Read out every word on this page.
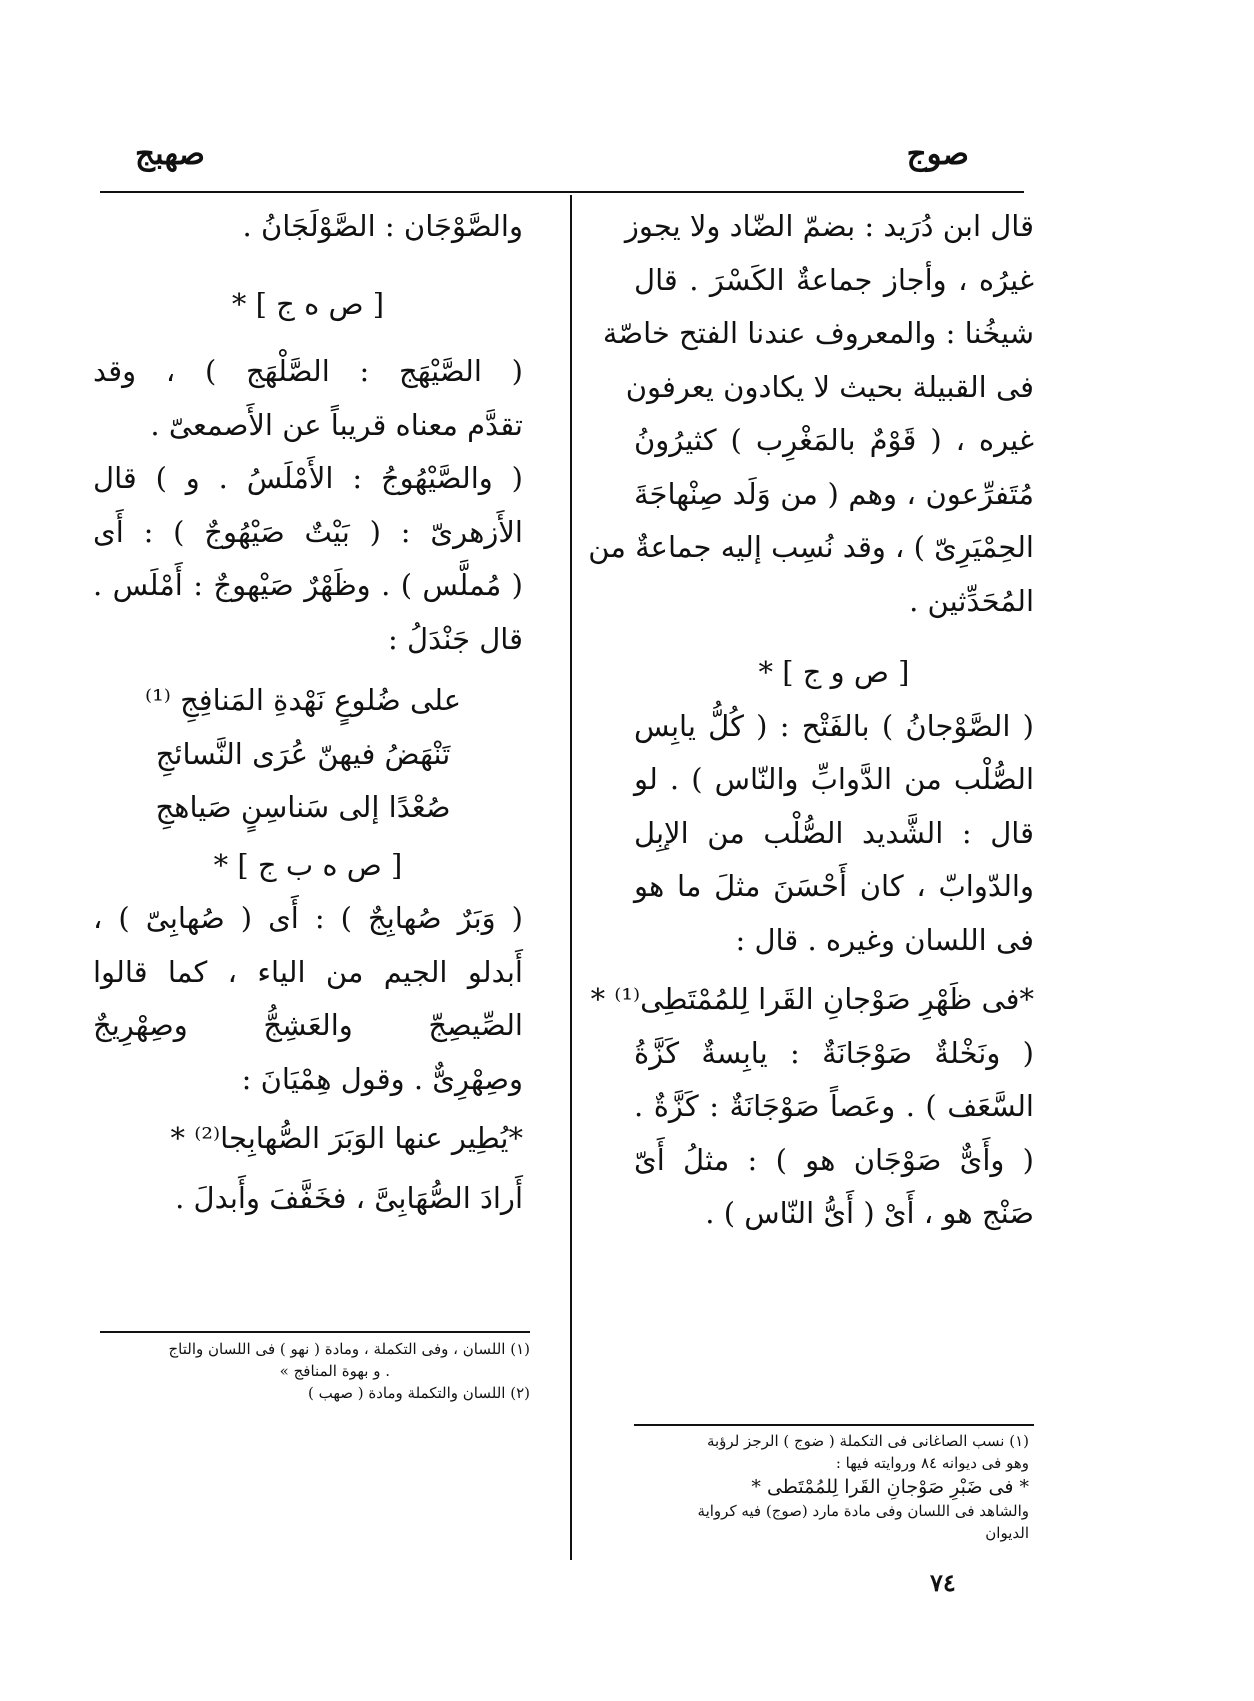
صوج
صهبج
قال ابن دُرَيد : بضمّ الضّاد ولا يجوز
غيرُه ، وأجاز جماعةٌ الكَسْرَ . قال
شيخُنا : والمعروف عندنا الفتح خاصّة
فى القبيلة بحيث لا يكادون يعرفون
غيره ، ( قَوْمٌ بالمَغْرِب ) كثيرُونُ
مُتَفرِّعون ، وهم ( من وَلَد صِنْهاجَةَ
الحِمْيَرِىّ ) ، وقد نُسِب إليه جماعةٌ من
المُحَدِّثين .
[ ص و ج ] *
( الصَّوْجانُ ) بالفَتْح : ( كُلُّ يابِس
الصُّلْب من الدَّوابِّ والنّاس ) . لو
قال : الشَّديد الصُّلْب من الإبِل
والدّوابّ ، كان أَحْسَنَ مثلَ ما هو
فى اللسان وغيره . قال :
*فى ظَهْرِ صَوْجانِ القَرا لِلمُمْتَطِى⁽¹⁾ *
( ونَخْلةٌ صَوْجَانَةٌ : يابِسةٌ كَزَّةُ
السَّعَف ) . وعَصاً صَوْجَانَةٌ : كَزَّةٌ .
( وأَىٌّ صَوْجَان هو ) : مثلُ أَىّ
صَنْج هو ، أَىْ ( أَىُّ النّاس ) .
(١) نسب الصاغانى فى التكملة ( ضوج ) الرجز لرؤبة
وهو فى ديوانه ٨٤ وروايته فيها :
* فى ضَبْرِ صَوْجانِ القَرا لِلمُمْتَطى *
والشاهد فى اللسان وفى مادة مارد (صوج) فيه كرواية
الديوان
والصَّوْجَان : الصَّوْلَجَانُ .
[ ص ه ج ] *
( الصَّيْهَج : الصَّلْهَج ) ، وقد
تقدَّم معناه قريباً عن الأَصمعىّ .
( والصَّيْهُوجُ : الأَمْلَسُ . و ) قال
الأَزهرىّ : ( بَيْتٌ صَيْهُوجٌ ) : أَى
( مُملَّس ) . وظَهْرٌ صَيْهوجٌ : أَمْلَس .
قال جَنْدَلُ :
على ضُلوعٍ نَهْدةِ المَنافِجِ ⁽¹⁾
تَنْهَضُ فيهنّ عُرَى النَّسائجِ
صُعْدًا إلى سَناسِنٍ صَياهجِ
[ ص ه ب ج ] *
( وَبَرٌ صُهابِجٌ ) : أَى ( صُهابِىّ ) ،
أَبدلو الجيم من الياء ، كما قالوا
الصِّيصِجّ والعَشِجُّ وصِهْرِيجٌ
وصِهْرِىٌّ . وقول هِمْيَانَ :
*يُطِير عنها الوَبَرَ الصُّهابِجا⁽²⁾ *
أَرادَ الصُّهَابِىَّ ، فخَفَّفَ وأَبدلَ .
(١) اللسان ، وفى التكملة ، ومادة ( نهو ) فى اللسان والتاج
. و بهوة المنافج »
(٢) اللسان والتكملة ومادة ( صهب )
٧٤
